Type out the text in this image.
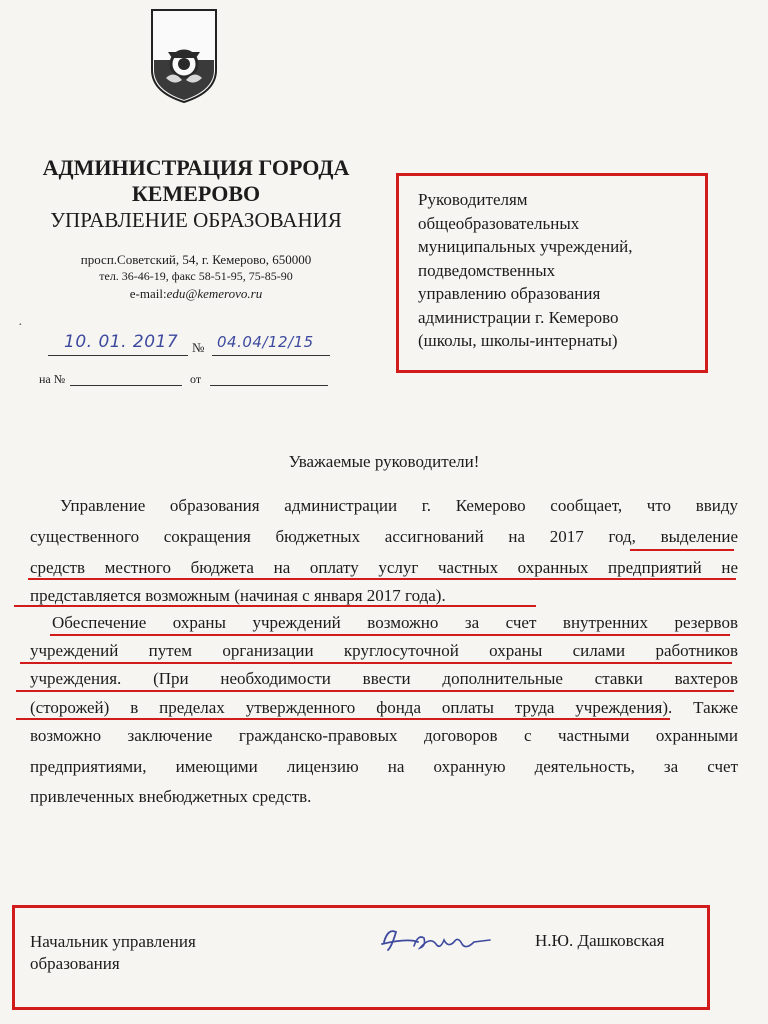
АДМИНИСТРАЦИЯ ГОРОДА
КЕМЕРОВО
УПРАВЛЕНИЕ ОБРАЗОВАНИЯ
просп.Советский, 54, г. Кемерово, 650000
тел. 36-46-19, факс 58-51-95, 75-85-90
e-mail:edu@kemerovo.ru
·
10. 01. 2017 № 04.04/12/15
на №	от
Руководителям
общеобразовательных
муниципальных учреждений,
подведомственных
управлению образования
администрации г. Кемерово
(школы, школы-интернаты)
Уважаемые руководители!
Управление образования администрации г. Кемерово сообщает, что ввиду
существенного сокращения бюджетных ассигнований на 2017 год, выделение
средств местного бюджета на оплату услуг частных охранных предприятий не
представляется возможным (начиная с января 2017 года).
Обеспечение охраны учреждений возможно за счет внутренних резервов
учреждений путем организации круглосуточной охраны силами работников
учреждения. (При необходимости ввести дополнительные ставки вахтеров
(сторожей) в пределах утвержденного фонда оплаты труда учреждения). Также
возможно заключение гражданско-правовых договоров с частными охранными
предприятиями, имеющими лицензию на охранную деятельность, за счет
привлеченных внебюджетных средств.
Начальник управления
образования
Н.Ю. Дашковская
